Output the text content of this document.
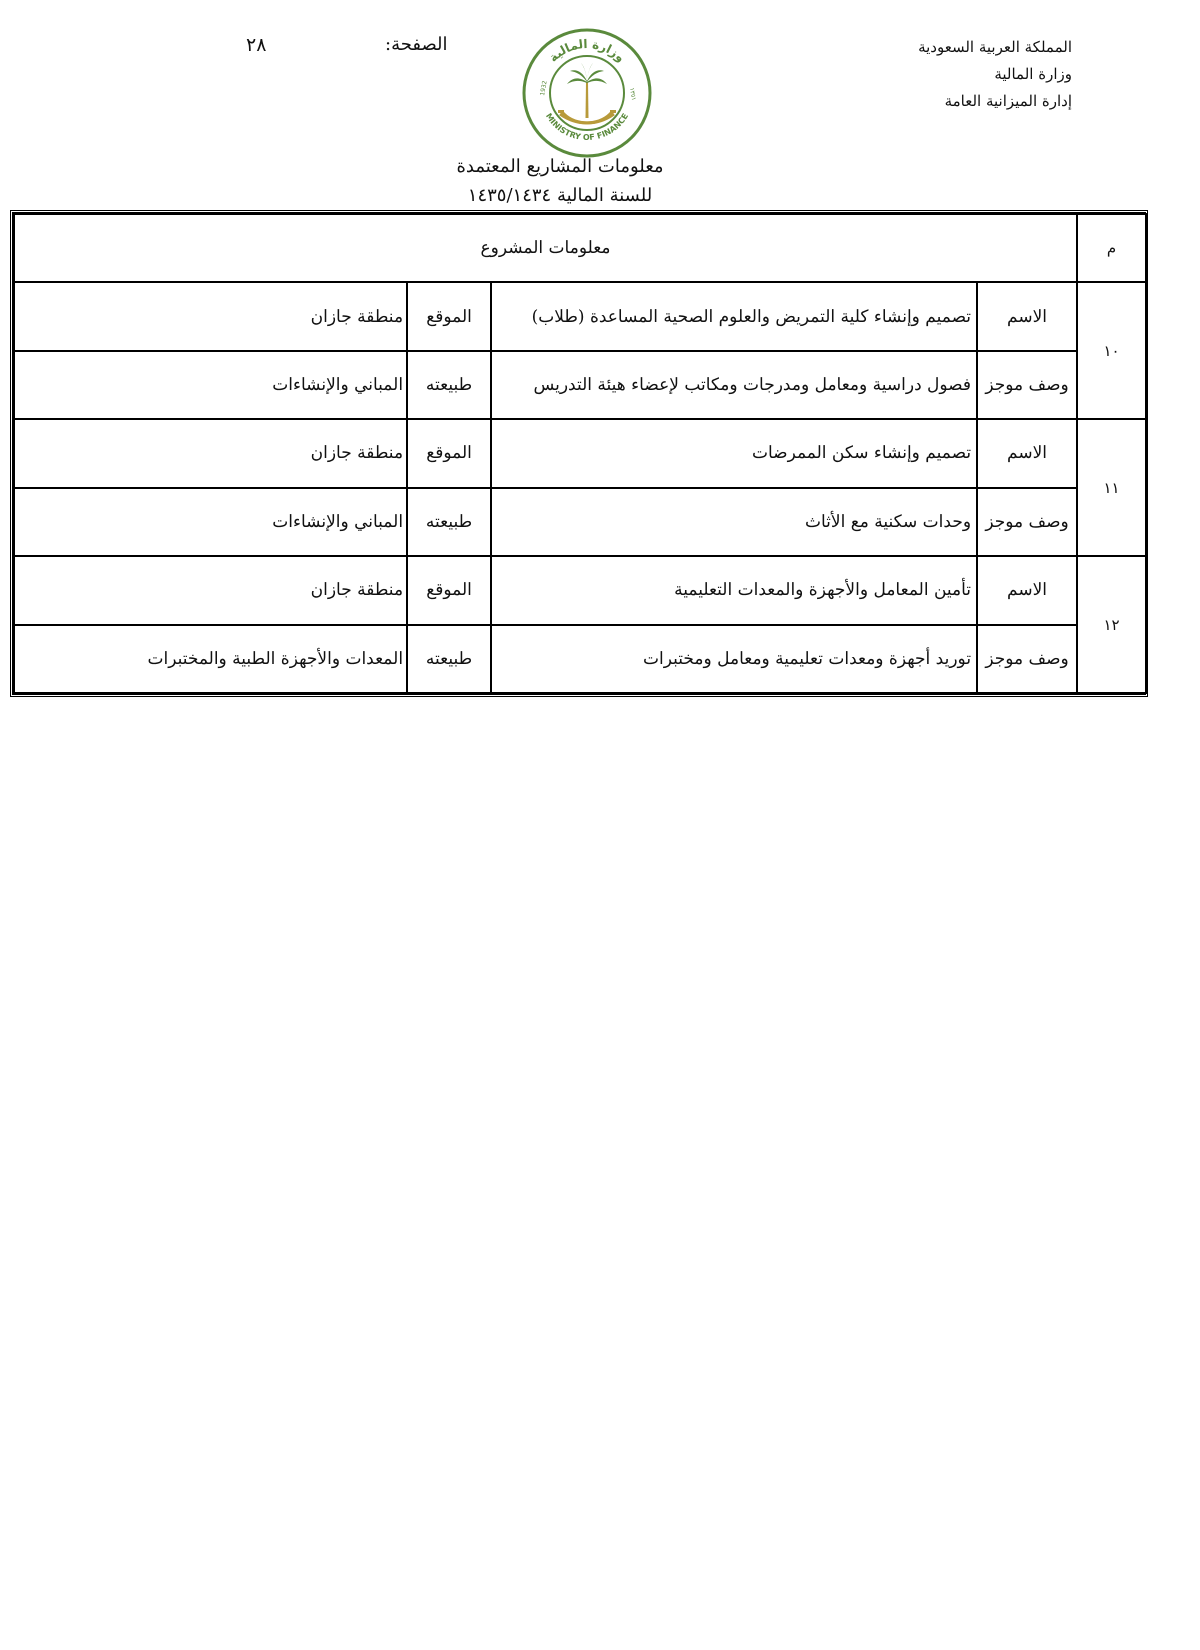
المملكة العربية السعودية
وزارة المالية
إدارة الميزانية العامة
وزارة المالية
MINISTRY OF FINANCE
1932	١٣٥١
الصفحة:
٢٨
معلومات المشاريع المعتمدة
للسنة المالية ١٤٣٥/١٤٣٤
م	معلومات المشروع			
١٠	الاسم	تصميم وإنشاء كلية التمريض والعلوم الصحية المساعدة (طلاب)	الموقع	منطقة جازان
	وصف موجز	فصول دراسية ومعامل ومدرجات ومكاتب لإعضاء هيئة التدريس	طبيعته	المباني والإنشاءات
١١	الاسم	تصميم وإنشاء سكن الممرضات	الموقع	منطقة جازان
	وصف موجز	وحدات سكنية مع الأثاث	طبيعته	المباني والإنشاءات
١٢	الاسم	تأمين المعامل والأجهزة والمعدات التعليمية	الموقع	منطقة جازان
	وصف موجز	توريد أجهزة ومعدات تعليمية ومعامل ومختبرات	طبيعته	المعدات والأجهزة الطبية والمختبرات
